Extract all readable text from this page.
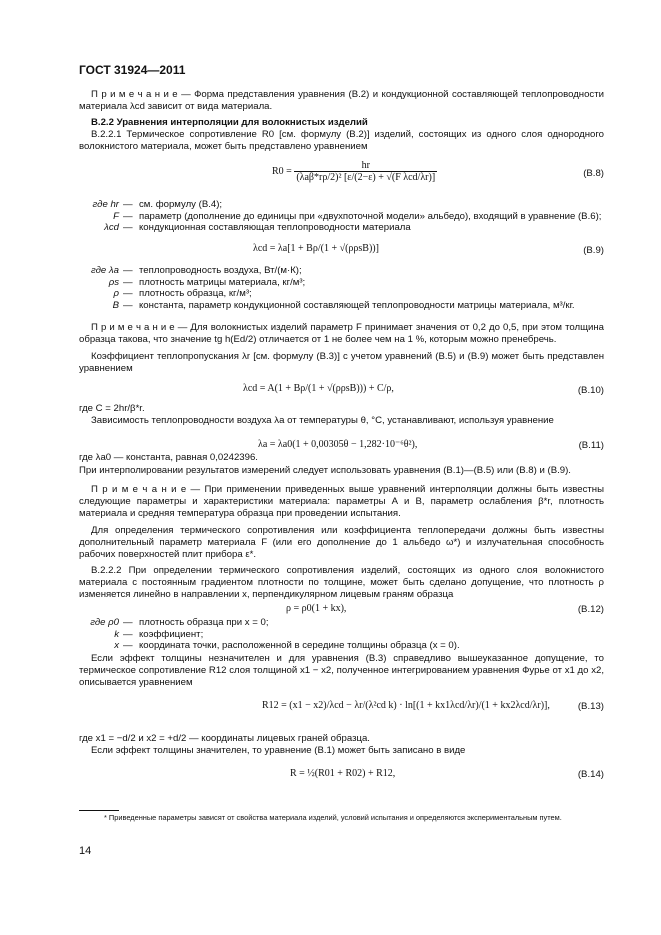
ГОСТ 31924—2011

П р и м е ч а н и е — Форма представления уравнения (В.2) и кондукционной составляющей теплопроводности материала λcd зависит от вида материала.

В.2.2 Уравнения интерполяции для волокнистых изделий

В.2.2.1 Термическое сопротивление R0 [см. формулу (В.2)] изделий, состоящих из одного слоя однородного волокнистого материала, может быть представлено уравнением

$R0 = \frac{hr}{\text{(λaβ*rρ/2)² [ε/(2−ε) + √(F λcd/λr)]}}$	(В.8)
где hr — см. формулу (В.4);
F — параметр (дополнение до единицы при «двухпоточной модели» альбедо), входящий в уравнение (В.6);
λcd — кондукционная составляющая теплопроводности материала
λcd = λa[1 + Bρ/(1 + √(ρρsB))]	(В.9)
где λa — теплопроводность воздуха, Вт/(м·К);
ρs — плотность матрицы материала, кг/м³;
ρ — плотность образца, кг/м³;
B — константа, параметр кондукционной составляющей теплопроводности матрицы материала, м³/кг.

П р и м е ч а н и е — Для волокнистых изделий параметр F принимает значения от 0,2 до 0,5, при этом толщина образца такова, что значение tg h(Ed/2) отличается от 1 не более чем на 1 %, которым можно пренебречь.

Коэффициент теплопропускания λr [см. формулу (В.3)] с учетом уравнений (В.5) и (В.9) может быть представлен уравнением

λcd = A(1 + Bρ/(1 + √(ρρsB))) + C/ρ,	(В.10)

где C = 2hr/β*r.

Зависимость теплопроводности воздуха λa от температуры θ, °С, устанавливают, используя уравнение

λa = λa0(1 + 0,00305θ − 1,282·10⁻⁶θ²),	(В.11)

где λa0 — константа, равная 0,0242396.

При интерполировании результатов измерений следует использовать уравнения (В.1)—(В.5) или (В.8) и (В.9).

П р и м е ч а н и е — При применении приведенных выше уравнений интерполяции должны быть известны следующие параметры и характеристики материала: параметры А и В, параметр ослабления β*r, плотность материала и средняя температура образца при проведении испытания.

Для определения термического сопротивления или коэффициента теплопередачи должны быть известны дополнительный параметр материала F (или его дополнение до 1 альбедо ω*) и излучательная способность рабочих поверхностей плит прибора ε*.

В.2.2.2 При определении термического сопротивления изделий, состоящих из одного слоя волокнистого материала с постоянным градиентом плотности по толщине, может быть сделано допущение, что плотность ρ изменяется линейно в направлении x, перпендикулярном лицевым граням образца

ρ = ρ0(1 + kx),	(В.12)
где ρ0 — плотность образца при x = 0;
k — коэффициент;
x — координата точки, расположенной в середине толщины образца (x = 0).

Если эффект толщины незначителен и для уравнения (В.3) справедливо вышеуказанное допущение, то термическое сопротивление R12 слоя толщиной x1 − x2, полученное интегрированием уравнения Фурье от x1 до x2, описывается уравнением

R12 = (x1 − x2)/λcd − λr/(λ²cd k) · ln[(1 + kx1λcd/λr)/(1 + kx2λcd/λr)],	(В.13)

где x1 = −d/2 и x2 = +d/2 — координаты лицевых граней образца.

Если эффект толщины значителен, то уравнение (В.1) может быть записано в виде

R = ½(R01 + R02) + R12,	(В.14)

* Приведенные параметры зависят от свойства материала изделий, условий испытания и определяются экспериментальным путем.

14
